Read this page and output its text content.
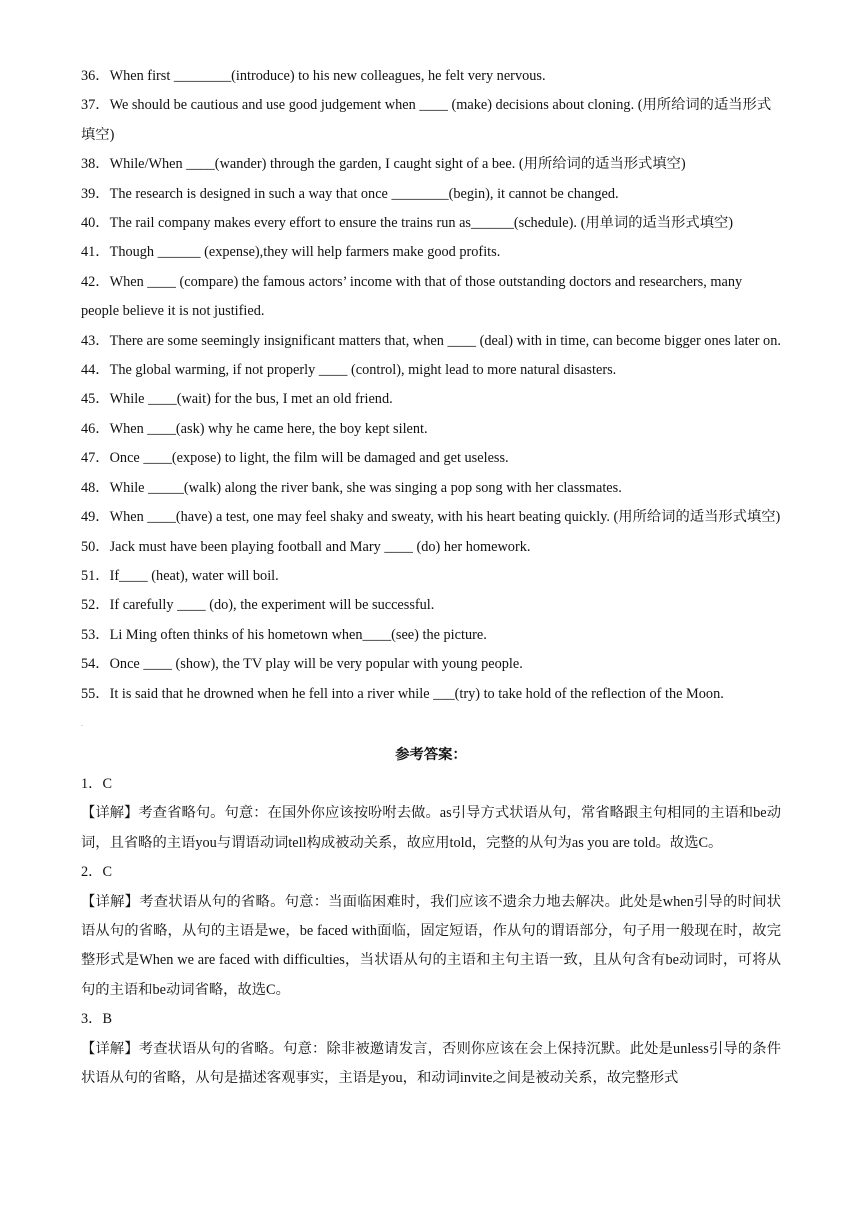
36．When first ________(introduce) to his new colleagues, he felt very nervous.
37．We should be cautious and use good judgement when ____ (make) decisions about cloning. (用所给词的适当形式填空)
38．While/When ____(wander) through the garden, I caught sight of a bee. (用所给词的适当形式填空)
39．The research is designed in such a way that once ________(begin), it cannot be changed.
40．The rail company makes every effort to ensure the trains run as______(schedule). (用单词的适当形式填空)
41．Though ______ (expense),they will help farmers make good profits.
42．When ____ (compare) the famous actors’ income with that of those outstanding doctors and researchers, many people believe it is not justified.
43．There are some seemingly insignificant matters that, when ____ (deal) with in time, can become bigger ones later on.
44．The global warming, if not properly ____ (control), might lead to more natural disasters.
45．While ____(wait) for the bus, I met an old friend.
46．When ____(ask) why he came here, the boy kept silent.
47．Once ____(expose) to light, the film will be damaged and get useless.
48．While _____(walk) along the river bank, she was singing a pop song with her classmates.
49．When ____(have) a test, one may feel shaky and sweaty, with his heart beating quickly. (用所给词的适当形式填空)
50．Jack must have been playing football and Mary ____ (do) her homework.
51．If____ (heat), water will boil.
52．If carefully ____ (do), the experiment will be successful.
53．Li Ming often thinks of his hometown when____(see) the picture.
54．Once ____ (show), the TV play will be very popular with young people.
55．It is said that he drowned when he fell into a river while ___(try) to take hold of the reflection of the Moon.
.
参考答案：
1．C
【详解】考查省略句。句意：在国外你应该按吩咐去做。as引导方式状语从句，常省略跟主句相同的主语和be动词，且省略的主语you与谓语动词tell构成被动关系，故应用told，完整的从句为as you are told。故选C。
2．C
【详解】考查状语从句的省略。句意：当面临困难时，我们应该不遗余力地去解决。此处是when引导的时间状语从句的省略，从句的主语是we，be faced with面临，固定短语，作从句的谓语部分，句子用一般现在时，故完整形式是When we are faced with difficulties，当状语从句的主语和主句主语一致，且从句含有be动词时，可将从句的主语和be动词省略，故选C。
3．B
【详解】考查状语从句的省略。句意：除非被邀请发言，否则你应该在会上保持沉默。此处是unless引导的条件状语从句的省略，从句是描述客观事实，主语是you，和动词invite之间是被动关系，故完整形式
